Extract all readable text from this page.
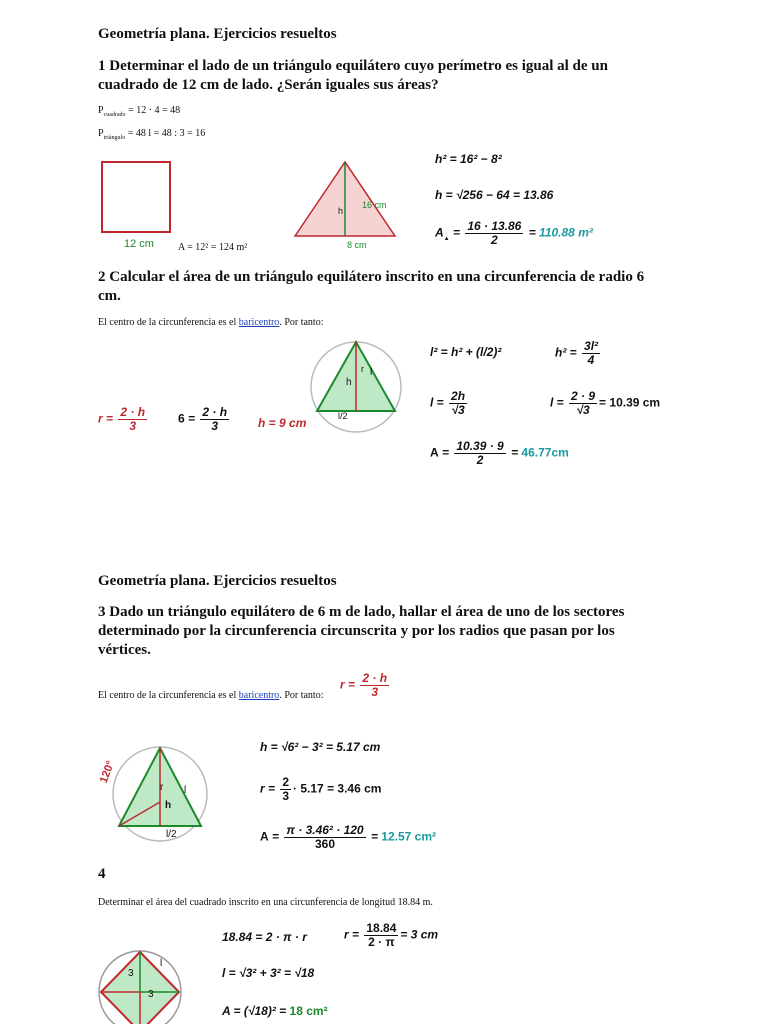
Geometría plana. Ejercicios resueltos
1 Determinar el lado de un triángulo equilátero cuyo perímetro es igual al de un cuadrado de 12 cm de lado. ¿Serán iguales sus áreas?
$P_{cuadrado} = 12 \cdot 4 = 48$
$P_{triángulo} = 48$ l = 48 : 3 = 16
12 cm A = 12² = 124 m²
h
16 cm
8 cm
h² = 16² − 8²
h = √256 − 64 = 13.86
$A_▲ = \frac{16 \cdot 13.86}{2} = 110.88$ m²
2 Calcular el área de un triángulo equilátero inscrito en una circunferencia de radio 6 cm.
El centro de la circunferencia es el baricentro. Por tanto:
$r = \frac{2 \cdot h}{3}$	$6 = \frac{2 \cdot h}{3}$ h = 9 cm
r
h
l
l/2
l² = h² + (l/2)²	$h^2 = \frac{\text{3l²}}{4}$
$l = \frac{2h}{√3}$	$l = \frac{2 \cdot 9}{√3} = 10.39$ cm
$A = \frac{10.39 \cdot 9}{2} = 46.77cm$
Geometría plana. Ejercicios resueltos
3 Dado un triángulo equilátero de 6 m de lado, hallar el área de uno de los sectores determinado por la circunferencia circunscrita y por los radios que pasan por los vértices.
El centro de la circunferencia es el baricentro. Por tanto:
$r = \frac{2 \cdot h}{3}$
120°
r
h
l
l/2
h = √6² − 3² = 5.17 cm
$r = \frac{2}{3} \cdot 5.17 = 3.46$ cm
$A = \frac{\text{π · 3.46² · 120}}{360} = 12.57$ cm²
4
Determinar el área del cuadrado inscrito en una circunferencia de longitud 18.84 m.
18.84 = 2 · π · r	$r = \frac{18.84}{2 \cdot \pi} = 3$ cm
l = √3² + 3² = √18
A = (√18)² = 18 cm²
3
3
l
